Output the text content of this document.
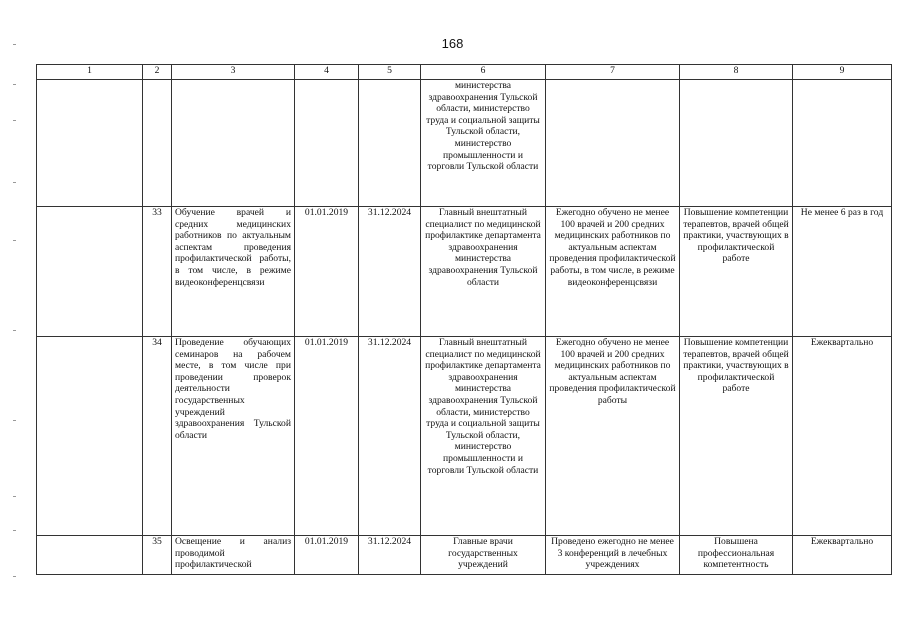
168
1	2	3	4	5	6	7	8	9
					министерства здравоохранения Тульской области, министерство труда и социальной защиты Тульской области, министерство промышленности и торговли Тульской области			
	33	Обучение врачей и средних медицинских работников по актуальным аспектам проведения профилактической работы, в том числе, в режиме видеоконференцсвязи	01.01.2019	31.12.2024	Главный внештатный специалист по медицинской профилактике департамента здравоохранения министерства здравоохранения Тульской области	Ежегодно обучено не менее 100 врачей и 200 средних медицинских работников по актуальным аспектам проведения профилактической работы, в том числе, в режиме видеоконференцсвязи	Повышение компетенции терапевтов, врачей общей практики, участвующих в профилактической работе	Не менее 6 раз в год
	34	Проведение обучающих семинаров на рабочем месте, в том числе при проведении проверок деятельности государственных учреждений здравоохранения Тульской области	01.01.2019	31.12.2024	Главный внештатный специалист по медицинской профилактике департамента здравоохранения министерства здравоохранения Тульской области, министерство труда и социальной защиты Тульской области, министерство промышленности и торговли Тульской области	Ежегодно обучено не менее 100 врачей и 200 средних медицинских работников по актуальным аспектам проведения профилактической работы	Повышение компетенции терапевтов, врачей общей практики, участвующих в профилактической работе	Ежеквартально
	35	Освещение и анализ проводимой профилактической	01.01.2019	31.12.2024	Главные врачи государственных учреждений	Проведено ежегодно не менее 3 конференций в лечебных учреждениях	Повышена профессиональная компетентность	Ежеквартально
